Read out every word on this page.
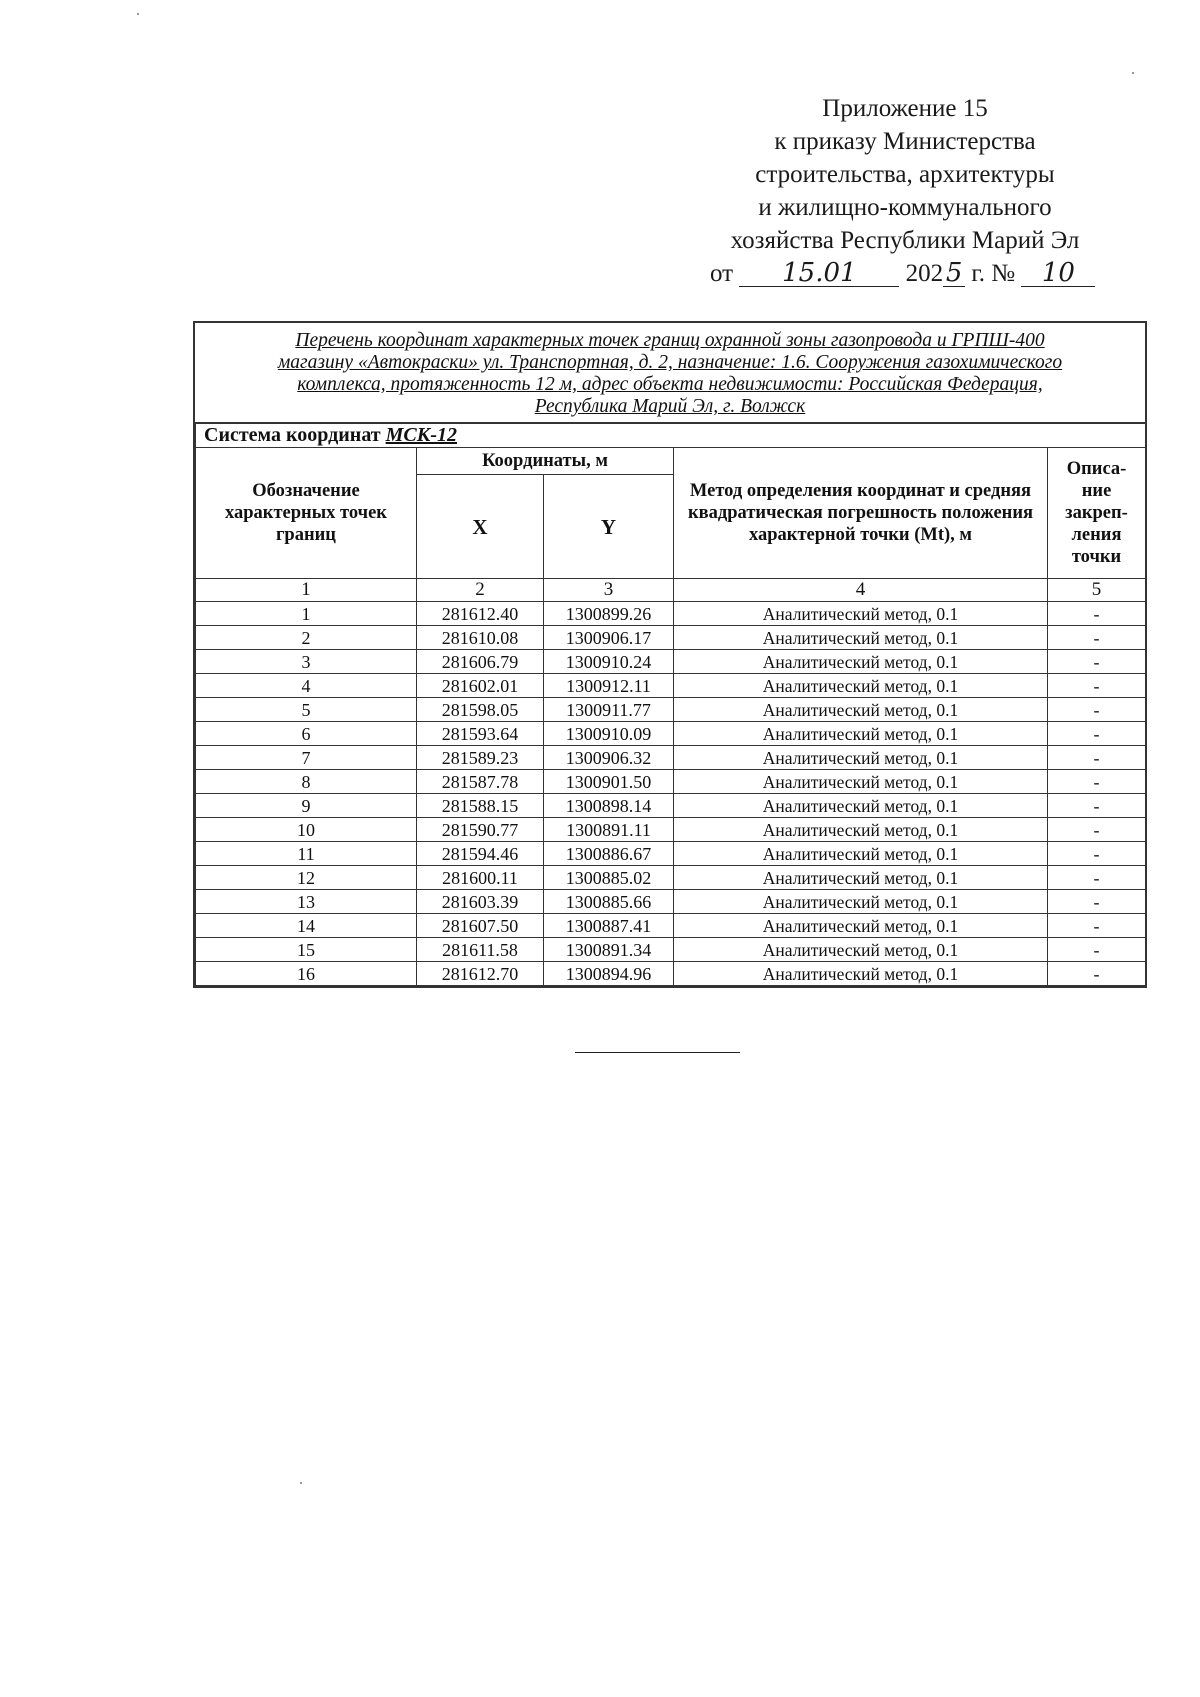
Приложение 15
к приказу Министерства
строительства, архитектуры
и жилищно-коммунального
хозяйства Республики Марий Эл
от 15.01 202 5 г. № 10
Перечень координат характерных точек границ охранной зоны газопровода и ГРПШ-400
магазину «Автокраски» ул. Транспортная, д. 2, назначение: 1.6. Сооружения газохимического
комплекса, протяженность 12 м, адрес объекта недвижимости: Российская Федерация,
Республика Марий Эл, г. Волжск
Система координат МСК-12				
Обозначение характерных точек границ	Координаты, м		Метод определения координат и средняя квадратическая погрешность положения характерной точки (Mt), м	Описа- ние закреп- ления точки
	X	Y		
1	2	3	4	5
1	281612.40	1300899.26	Аналитический метод, 0.1	-
2	281610.08	1300906.17	Аналитический метод, 0.1	-
3	281606.79	1300910.24	Аналитический метод, 0.1	-
4	281602.01	1300912.11	Аналитический метод, 0.1	-
5	281598.05	1300911.77	Аналитический метод, 0.1	-
6	281593.64	1300910.09	Аналитический метод, 0.1	-
7	281589.23	1300906.32	Аналитический метод, 0.1	-
8	281587.78	1300901.50	Аналитический метод, 0.1	-
9	281588.15	1300898.14	Аналитический метод, 0.1	-
10	281590.77	1300891.11	Аналитический метод, 0.1	-
11	281594.46	1300886.67	Аналитический метод, 0.1	-
12	281600.11	1300885.02	Аналитический метод, 0.1	-
13	281603.39	1300885.66	Аналитический метод, 0.1	-
14	281607.50	1300887.41	Аналитический метод, 0.1	-
15	281611.58	1300891.34	Аналитический метод, 0.1	-
16	281612.70	1300894.96	Аналитический метод, 0.1	-
